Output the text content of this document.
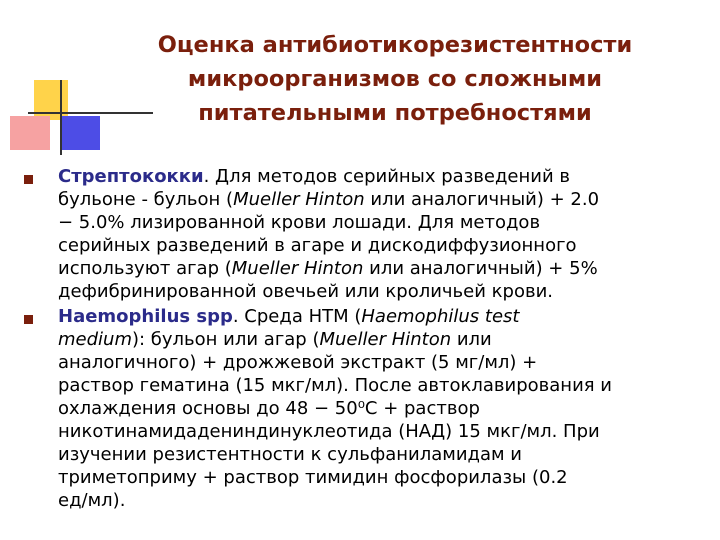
Оценка антибиотикорезистентности
микроорганизмов со сложными
питательными потребностями
Стрептококки. Для методов серийных разведений в
бульоне - бульон (Mueller Hinton или аналогичный) + 2.0
− 5.0% лизированной крови лошади. Для методов
серийных разведений в агаре и дискодиффузионного
используют агар (Mueller Hinton или аналогичный) + 5%
дефибринированной овечьей или кроличьей крови.
Haemophilus spp. Среда HTM (Haemophilus test
medium): бульон или агар (Mueller Hinton или
аналогичного) + дрожжевой экстракт (5 мг/мл) +
раствор гематина (15 мкг/мл). После автоклавирования и
охлаждения основы до 48 − 50⁰С + раствор
никотинамидадениндинуклеотида (НАД) 15 мкг/мл. При
изучении резистентности к сульфаниламидам и
триметоприму + раствор тимидин фосфорилазы (0.2
ед/мл).
